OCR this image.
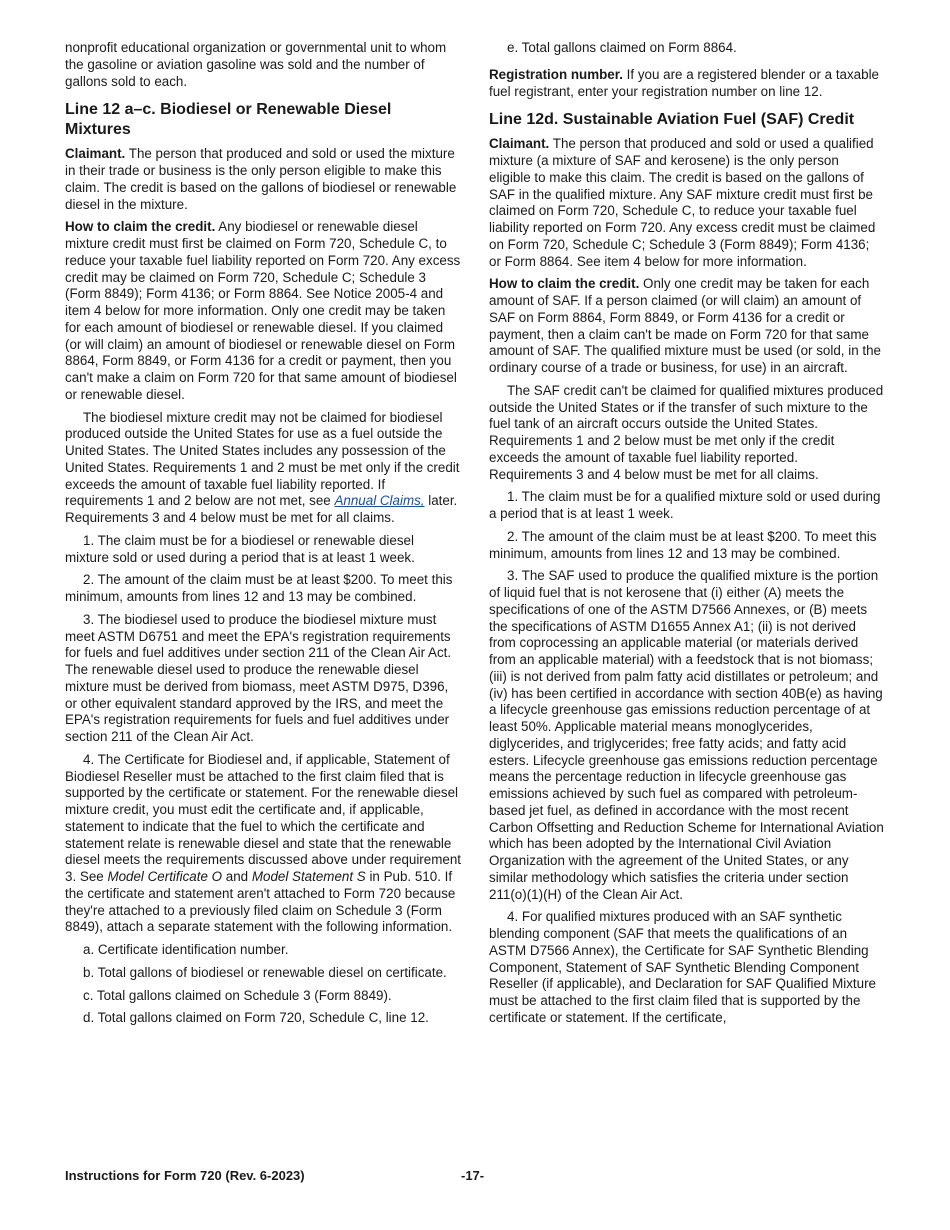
nonprofit educational organization or governmental unit to whom the gasoline or aviation gasoline was sold and the number of gallons sold to each.

Line 12 a–c. Biodiesel or Renewable Diesel Mixtures

Claimant. The person that produced and sold or used the mixture in their trade or business is the only person eligible to make this claim. The credit is based on the gallons of biodiesel or renewable diesel in the mixture.

How to claim the credit. Any biodiesel or renewable diesel mixture credit must first be claimed on Form 720, Schedule C, to reduce your taxable fuel liability reported on Form 720. Any excess credit may be claimed on Form 720, Schedule C; Schedule 3 (Form 8849); Form 4136; or Form 8864. See Notice 2005-4 and item 4 below for more information. Only one credit may be taken for each amount of biodiesel or renewable diesel. If you claimed (or will claim) an amount of biodiesel or renewable diesel on Form 8864, Form 8849, or Form 4136 for a credit or payment, then you can't make a claim on Form 720 for that same amount of biodiesel or renewable diesel.

The biodiesel mixture credit may not be claimed for biodiesel produced outside the United States for use as a fuel outside the United States. The United States includes any possession of the United States. Requirements 1 and 2 must be met only if the credit exceeds the amount of taxable fuel liability reported. If requirements 1 and 2 below are not met, see Annual Claims, later. Requirements 3 and 4 below must be met for all claims.

1. The claim must be for a biodiesel or renewable diesel mixture sold or used during a period that is at least 1 week.

2. The amount of the claim must be at least $200. To meet this minimum, amounts from lines 12 and 13 may be combined.

3. The biodiesel used to produce the biodiesel mixture must meet ASTM D6751 and meet the EPA's registration requirements for fuels and fuel additives under section 211 of the Clean Air Act. The renewable diesel used to produce the renewable diesel mixture must be derived from biomass, meet ASTM D975, D396, or other equivalent standard approved by the IRS, and meet the EPA's registration requirements for fuels and fuel additives under section 211 of the Clean Air Act.

4. The Certificate for Biodiesel and, if applicable, Statement of Biodiesel Reseller must be attached to the first claim filed that is supported by the certificate or statement. For the renewable diesel mixture credit, you must edit the certificate and, if applicable, statement to indicate that the fuel to which the certificate and statement relate is renewable diesel and state that the renewable diesel meets the requirements discussed above under requirement 3. See Model Certificate O and Model Statement S in Pub. 510. If the certificate and statement aren't attached to Form 720 because they're attached to a previously filed claim on Schedule 3 (Form 8849), attach a separate statement with the following information.

a. Certificate identification number.

b. Total gallons of biodiesel or renewable diesel on certificate.

c. Total gallons claimed on Schedule 3 (Form 8849).

d. Total gallons claimed on Form 720, Schedule C, line 12.

e. Total gallons claimed on Form 8864.

Registration number. If you are a registered blender or a taxable fuel registrant, enter your registration number on line 12.

Line 12d. Sustainable Aviation Fuel (SAF) Credit

Claimant. The person that produced and sold or used a qualified mixture (a mixture of SAF and kerosene) is the only person eligible to make this claim. The credit is based on the gallons of SAF in the qualified mixture. Any SAF mixture credit must first be claimed on Form 720, Schedule C, to reduce your taxable fuel liability reported on Form 720. Any excess credit must be claimed on Form 720, Schedule C; Schedule 3 (Form 8849); Form 4136; or Form 8864. See item 4 below for more information.

How to claim the credit. Only one credit may be taken for each amount of SAF. If a person claimed (or will claim) an amount of SAF on Form 8864, Form 8849, or Form 4136 for a credit or payment, then a claim can't be made on Form 720 for that same amount of SAF. The qualified mixture must be used (or sold, in the ordinary course of a trade or business, for use) in an aircraft.

The SAF credit can't be claimed for qualified mixtures produced outside the United States or if the transfer of such mixture to the fuel tank of an aircraft occurs outside the United States. Requirements 1 and 2 below must be met only if the credit exceeds the amount of taxable fuel liability reported. Requirements 3 and 4 below must be met for all claims.

1. The claim must be for a qualified mixture sold or used during a period that is at least 1 week.

2. The amount of the claim must be at least $200. To meet this minimum, amounts from lines 12 and 13 may be combined.

3. The SAF used to produce the qualified mixture is the portion of liquid fuel that is not kerosene that (i) either (A) meets the specifications of one of the ASTM D7566 Annexes, or (B) meets the specifications of ASTM D1655 Annex A1; (ii) is not derived from coprocessing an applicable material (or materials derived from an applicable material) with a feedstock that is not biomass; (iii) is not derived from palm fatty acid distillates or petroleum; and (iv) has been certified in accordance with section 40B(e) as having a lifecycle greenhouse gas emissions reduction percentage of at least 50%. Applicable material means monoglycerides, diglycerides, and triglycerides; free fatty acids; and fatty acid esters. Lifecycle greenhouse gas emissions reduction percentage means the percentage reduction in lifecycle greenhouse gas emissions achieved by such fuel as compared with petroleum-based jet fuel, as defined in accordance with the most recent Carbon Offsetting and Reduction Scheme for International Aviation which has been adopted by the International Civil Aviation Organization with the agreement of the United States, or any similar methodology which satisfies the criteria under section 211(o)(1)(H) of the Clean Air Act.

4. For qualified mixtures produced with an SAF synthetic blending component (SAF that meets the qualifications of an ASTM D7566 Annex), the Certificate for SAF Synthetic Blending Component, Statement of SAF Synthetic Blending Component Reseller (if applicable), and Declaration for SAF Qualified Mixture must be attached to the first claim filed that is supported by the certificate or statement. If the certificate,

Instructions for Form 720 (Rev. 6-2023)	-17-
